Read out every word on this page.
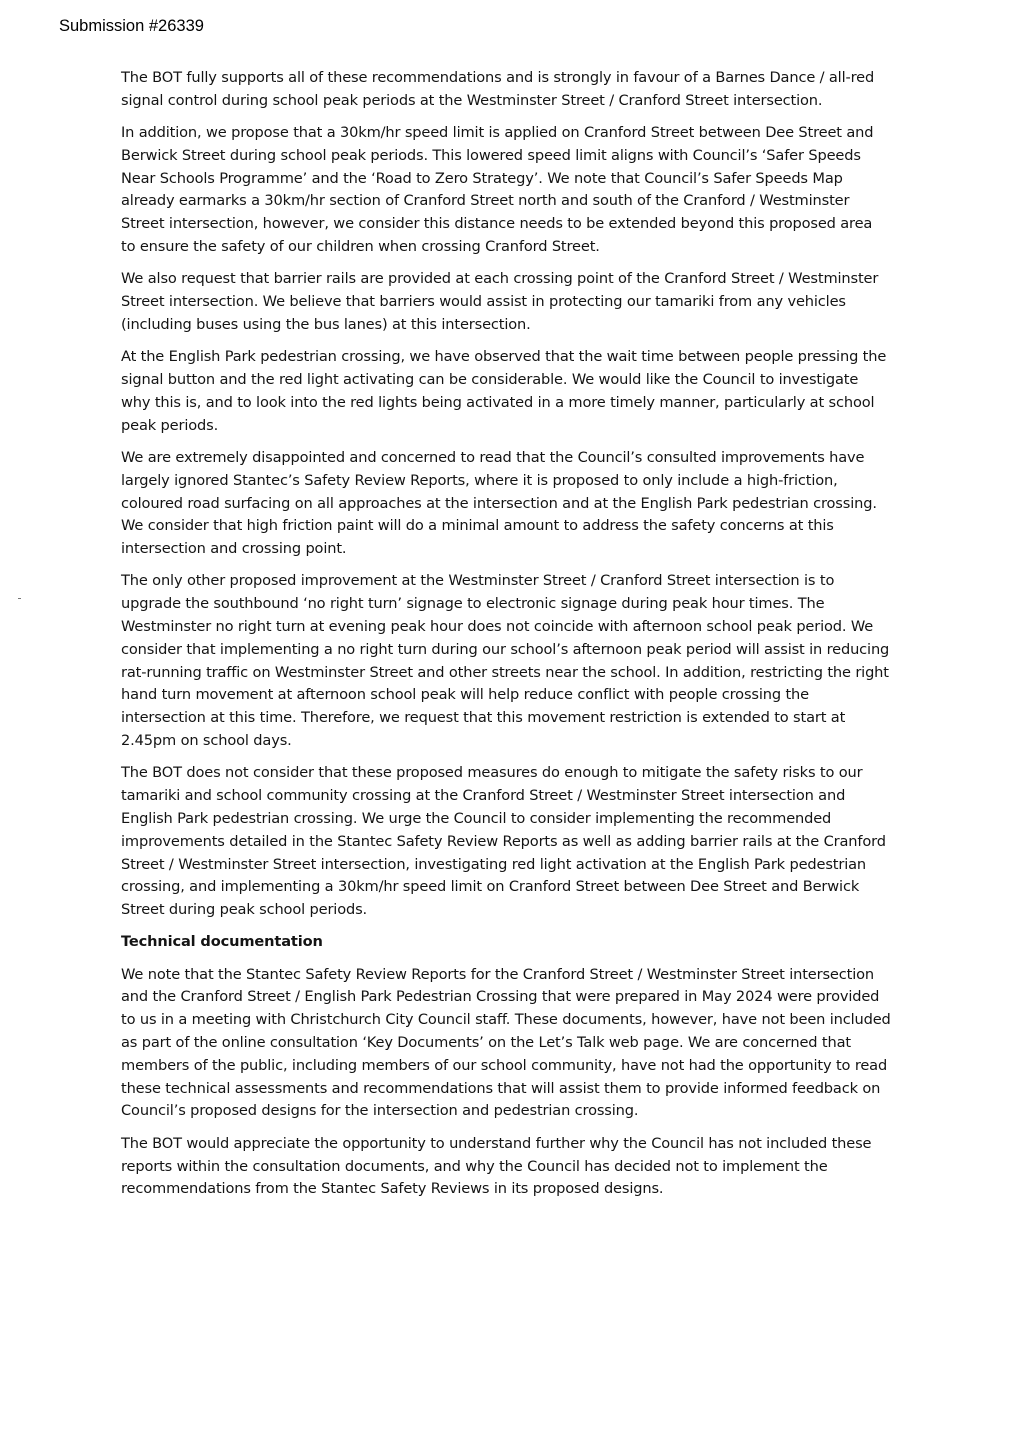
Submission #26339

The BOT fully supports all of these recommendations and is strongly in favour of a Barnes Dance / all-red signal control during school peak periods at the Westminster Street / Cranford Street intersection.

In addition, we propose that a 30km/hr speed limit is applied on Cranford Street between Dee Street and Berwick Street during school peak periods. This lowered speed limit aligns with Council’s ‘Safer Speeds Near Schools Programme’ and the ‘Road to Zero Strategy’. We note that Council’s Safer Speeds Map already earmarks a 30km/hr section of Cranford Street north and south of the Cranford / Westminster Street intersection, however, we consider this distance needs to be extended beyond this proposed area to ensure the safety of our children when crossing Cranford Street.

We also request that barrier rails are provided at each crossing point of the Cranford Street / Westminster Street intersection. We believe that barriers would assist in protecting our tamariki from any vehicles (including buses using the bus lanes) at this intersection.

At the English Park pedestrian crossing, we have observed that the wait time between people pressing the signal button and the red light activating can be considerable. We would like the Council to investigate why this is, and to look into the red lights being activated in a more timely manner, particularly at school peak periods.

We are extremely disappointed and concerned to read that the Council’s consulted improvements have largely ignored Stantec’s Safety Review Reports, where it is proposed to only include a high-friction, coloured road surfacing on all approaches at the intersection and at the English Park pedestrian crossing. We consider that high friction paint will do a minimal amount to address the safety concerns at this intersection and crossing point.

The only other proposed improvement at the Westminster Street / Cranford Street intersection is to upgrade the southbound ‘no right turn’ signage to electronic signage during peak hour times. The Westminster no right turn at evening peak hour does not coincide with afternoon school peak period. We consider that implementing a no right turn during our school’s afternoon peak period will assist in reducing rat-running traffic on Westminster Street and other streets near the school. In addition, restricting the right hand turn movement at afternoon school peak will help reduce conflict with people crossing the intersection at this time. Therefore, we request that this movement restriction is extended to start at 2.45pm on school days.

The BOT does not consider that these proposed measures do enough to mitigate the safety risks to our tamariki and school community crossing at the Cranford Street / Westminster Street intersection and English Park pedestrian crossing. We urge the Council to consider implementing the recommended improvements detailed in the Stantec Safety Review Reports as well as adding barrier rails at the Cranford Street / Westminster Street intersection, investigating red light activation at the English Park pedestrian crossing, and implementing a 30km/hr speed limit on Cranford Street between Dee Street and Berwick Street during peak school periods.

Technical documentation

We note that the Stantec Safety Review Reports for the Cranford Street / Westminster Street intersection and the Cranford Street / English Park Pedestrian Crossing that were prepared in May 2024 were provided to us in a meeting with Christchurch City Council staff. These documents, however, have not been included as part of the online consultation ‘Key Documents’ on the Let’s Talk web page. We are concerned that members of the public, including members of our school community, have not had the opportunity to read these technical assessments and recommendations that will assist them to provide informed feedback on Council’s proposed designs for the intersection and pedestrian crossing.

The BOT would appreciate the opportunity to understand further why the Council has not included these reports within the consultation documents, and why the Council has decided not to implement the recommendations from the Stantec Safety Reviews in its proposed designs.
